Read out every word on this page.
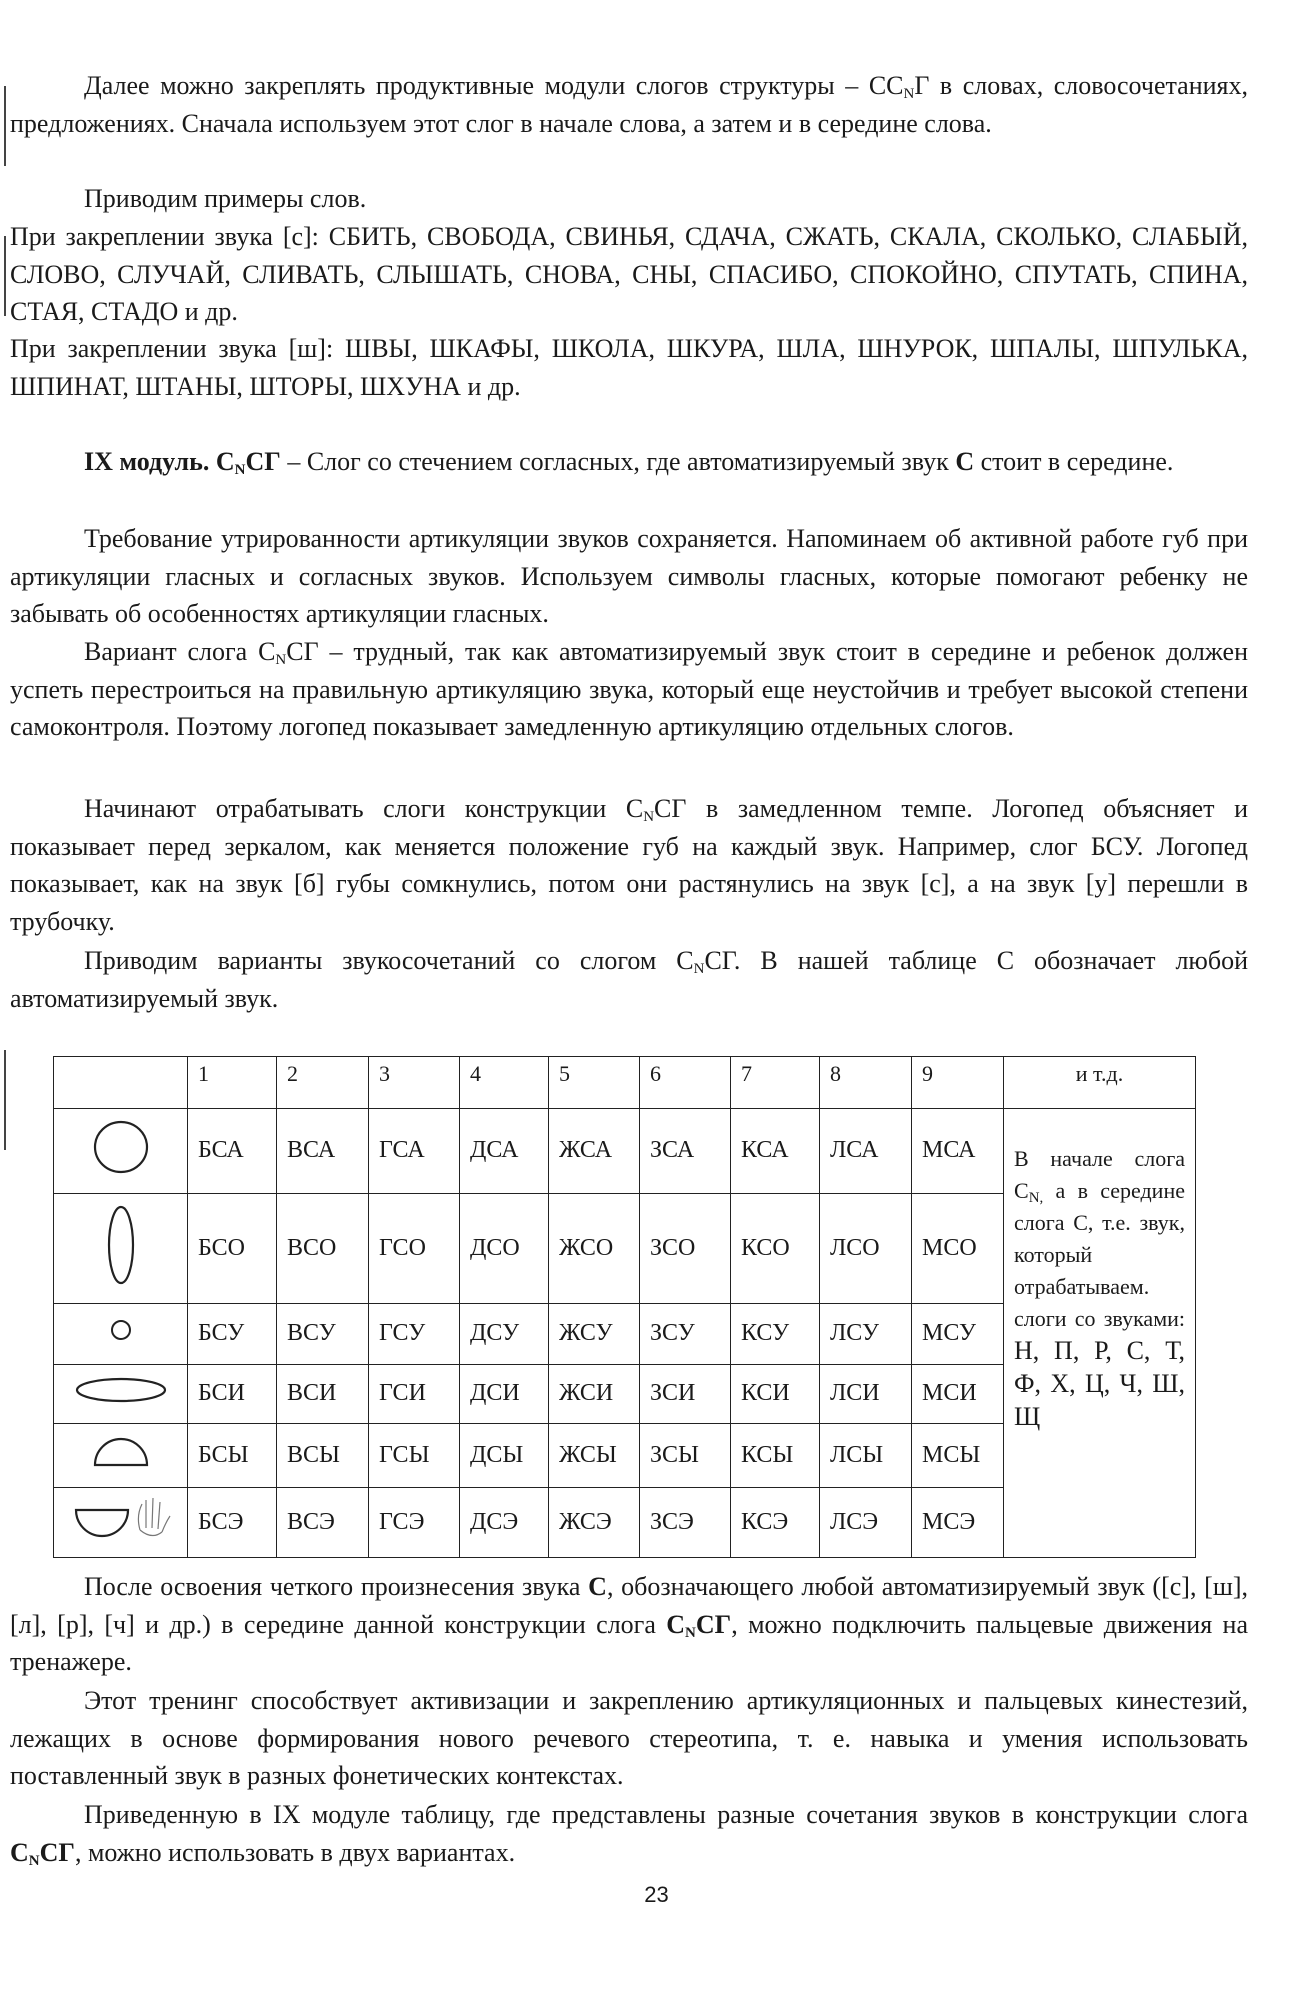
Далее можно закреплять продуктивные модули слогов структуры – $СС_NГ$ в словах, словосочетаниях, предложениях. Сначала используем этот слог в начале слова, а затем и в середине слова.

Приводим примеры слов.

При закреплении звука [с]: СБИТЬ, СВОБОДА, СВИНЬЯ, СДАЧА, СЖАТЬ, СКАЛА, СКОЛЬКО, СЛАБЫЙ, СЛОВО, СЛУЧАЙ, СЛИВАТЬ, СЛЫШАТЬ, СНОВА, СНЫ, СПАСИБО, СПОКОЙНО, СПУТАТЬ, СПИНА, СТАЯ, СТАДО и др.

При закреплении звука [ш]: ШВЫ, ШКАФЫ, ШКОЛА, ШКУРА, ШЛА, ШНУРОК, ШПАЛЫ, ШПУЛЬКА, ШПИНАТ, ШТАНЫ, ШТОРЫ, ШХУНА и др.

IX модуль. $С_NСГ$ – Слог со стечением согласных, где автоматизируемый звук С стоит в середине.

Требование утрированности артикуляции звуков сохраняется. Напоминаем об активной работе губ при артикуляции гласных и согласных звуков. Используем символы гласных, которые помогают ребенку не забывать об особенностях артикуляции гласных.

Вариант слога $С_NСГ$ – трудный, так как автоматизируемый звук стоит в середине и ребенок должен успеть перестроиться на правильную артикуляцию звука, который еще неустойчив и требует высокой степени самоконтроля. Поэтому логопед показывает замедленную артикуляцию отдельных слогов.

Начинают отрабатывать слоги конструкции $С_NСГ$ в замедленном темпе. Логопед объясняет и показывает перед зеркалом, как меняется положение губ на каждый звук. Например, слог БСУ. Логопед показывает, как на звук [б] губы сомкнулись, потом они растянулись на звук [с], а на звук [у] перешли в трубочку.

Приводим варианты звукосочетаний со слогом $С_NСГ$. В нашей таблице С обозначает любой автоматизируемый звук.

	1	2	3	4	5	6	7	8	9	и т.д.
	БСА	ВСА	ГСА	ДСА	ЖСА	ЗСА	КСА	ЛСА	МСА	В начале слога $С_{N,}$ а в середине слога С, т.е. звук, который отрабатываем. слоги со звуками: Н, П, Р, С, Т, Ф, Х, Ц, Ч, Ш, Щ
	БСО	ВСО	ГСО	ДСО	ЖСО	ЗСО	КСО	ЛСО	МСО	
	БСУ	ВСУ	ГСУ	ДСУ	ЖСУ	ЗСУ	КСУ	ЛСУ	МСУ	
	БСИ	ВСИ	ГСИ	ДСИ	ЖСИ	ЗСИ	КСИ	ЛСИ	МСИ	
	БСЫ	ВСЫ	ГСЫ	ДСЫ	ЖСЫ	ЗСЫ	КСЫ	ЛСЫ	МСЫ	
	БСЭ	ВСЭ	ГСЭ	ДСЭ	ЖСЭ	ЗСЭ	КСЭ	ЛСЭ	МСЭ	

После освоения четкого произнесения звука С, обозначающего любой автоматизируемый звук ([с], [ш], [л], [р], [ч] и др.) в середине данной конструкции слога $С_NСГ$, можно подключить пальцевые движения на тренажере.

Этот тренинг способствует активизации и закреплению артикуляционных и пальцевых кинестезий, лежащих в основе формирования нового речевого стереотипа, т. е. навыка и умения использовать поставленный звук в разных фонетических контекстах.

Приведенную в IX модуле таблицу, где представлены разные сочетания звуков в конструкции слога $С_NСГ$, можно использовать в двух вариантах.

23
